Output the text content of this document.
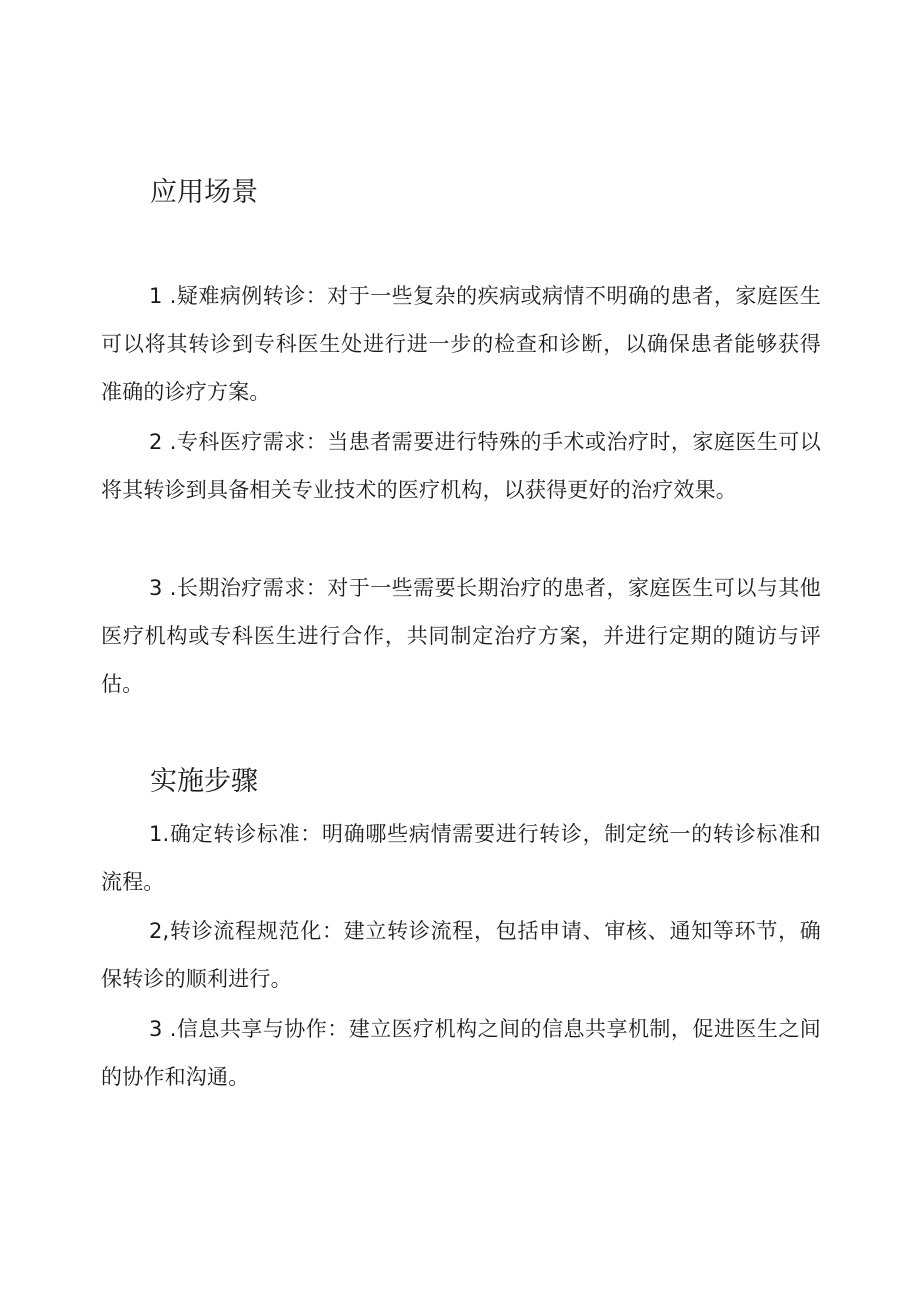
应用场景

1 .疑难病例转诊：对于一些复杂的疾病或病情不明确的患者，家庭医生可以将其转诊到专科医生处进行进一步的检查和诊断，以确保患者能够获得准确的诊疗方案。

2 .专科医疗需求：当患者需要进行特殊的手术或治疗时，家庭医生可以将其转诊到具备相关专业技术的医疗机构，以获得更好的治疗效果。

3 .长期治疗需求：对于一些需要长期治疗的患者，家庭医生可以与其他医疗机构或专科医生进行合作，共同制定治疗方案，并进行定期的随访与评估。

实施步骤

1.确定转诊标准：明确哪些病情需要进行转诊，制定统一的转诊标准和流程。

2,转诊流程规范化：建立转诊流程，包括申请、审核、通知等环节，确保转诊的顺利进行。

3 .信息共享与协作：建立医疗机构之间的信息共享机制，促进医生之间的协作和沟通。
